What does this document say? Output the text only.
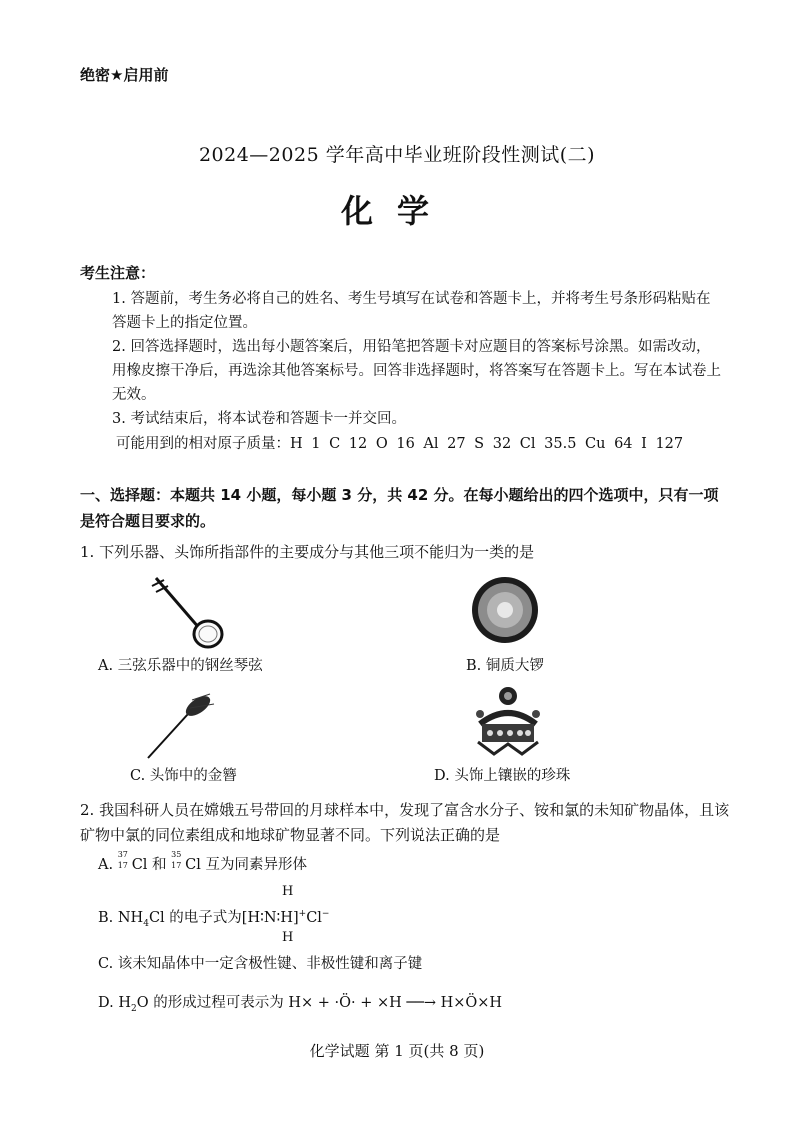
绝密★启用前
2024—2025 学年高中毕业班阶段性测试(二)
化学
考生注意：
1. 答题前，考生务必将自己的姓名、考生号填写在试卷和答题卡上，并将考生号条形码粘贴在答题卡上的指定位置。
2. 回答选择题时，选出每小题答案后，用铅笔把答题卡对应题目的答案标号涂黑。如需改动，用橡皮擦干净后，再选涂其他答案标号。回答非选择题时，将答案写在答题卡上。写在本试卷上无效。
3. 考试结束后，将本试卷和答题卡一并交回。
可能用到的相对原子质量：H 1 C 12 O 16 Al 27 S 32 Cl 35.5 Cu 64 I 127
一、选择题：本题共 14 小题，每小题 3 分，共 42 分。在每小题给出的四个选项中，只有一项是符合题目要求的。
1. 下列乐器、头饰所指部件的主要成分与其他三项不能归为一类的是
A. 三弦乐器中的钢丝琴弦	B. 铜质大锣
C. 头饰中的金簪	D. 头饰上镶嵌的珍珠
2. 我国科研人员在嫦娥五号带回的月球样本中，发现了富含水分子、铵和氯的未知矿物晶体，且该矿物中氯的同位素组成和地球矿物显著不同。下列说法正确的是
A.
37
17 Cl 和
35
17 Cl 互为同素异形体
B. $NH_4Cl$ 的电子式为[H∶N∶H]+Cl−
H
H
C. 该未知晶体中一定含极性键、非极性键和离子键
D. $H_2O$ 的形成过程可表示为 H× + ·Ö· + ×H ──→ H×Ö×H
化学试题 第 1 页(共 8 页)
